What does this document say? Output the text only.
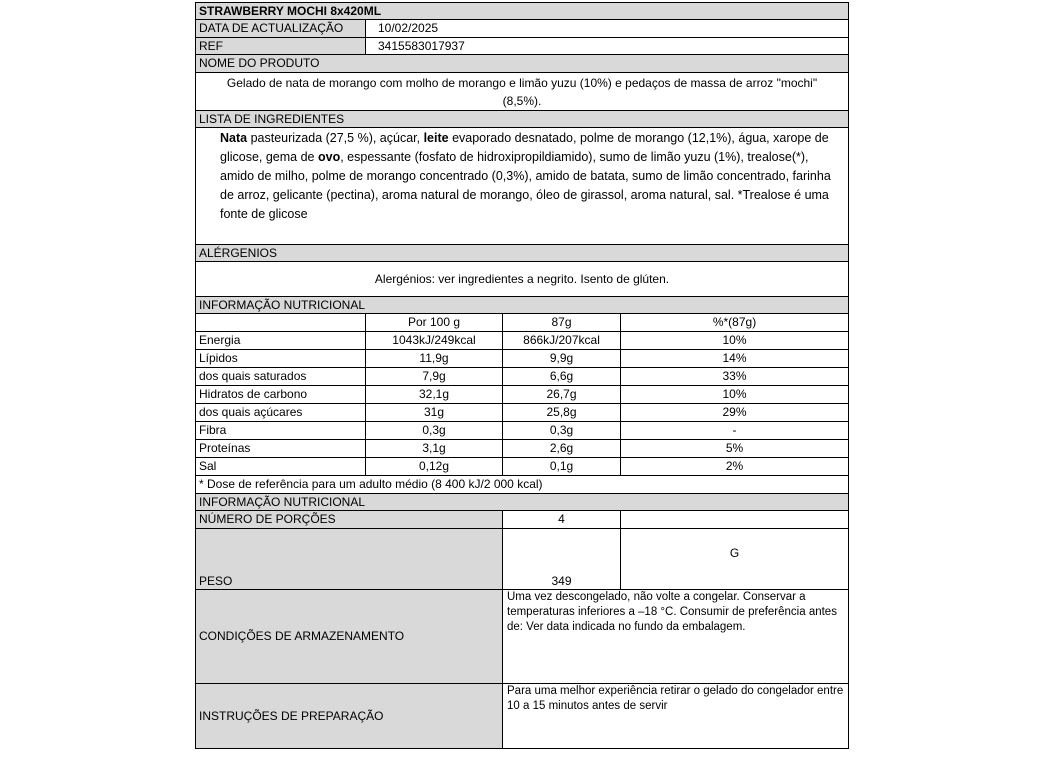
STRAWBERRY MOCHI 8x420ML			
DATA DE ACTUALIZAÇÃO	10/02/2025		
REF	3415583017937		
NOME DO PRODUTO			
Gelado de nata de morango com molho de morango e limão yuzu (10%) e pedaços de massa de arroz "mochi"(8,5%).			
LISTA DE INGREDIENTES			
Nata pasteurizada (27,5 %), açúcar, leite evaporado desnatado, polme de morango (12,1%), água, xarope de glicose, gema de ovo, espessante (fosfato de hidroxipropildiamido), sumo de limão yuzu (1%), trealose(*), amido de milho, polme de morango concentrado (0,3%), amido de batata, sumo de limão concentrado, farinha de arroz, gelicante (pectina), aroma natural de morango, óleo de girassol, aroma natural, sal. *Trealose é uma fonte de glicose			
ALÉRGENIOS			
Alergénios: ver ingredientes a negrito. Isento de glúten.			
INFORMAÇÃO NUTRICIONAL			
	Por 100 g	87g	%*(87g)
Energia	1043kJ/249kcal	866kJ/207kcal	10%
Lípidos	11,9g	9,9g	14%
dos quais saturados	7,9g	6,6g	33%
Hidratos de carbono	32,1g	26,7g	10%
dos quais açúcares	31g	25,8g	29%
Fibra	0,3g	0,3g	-
Proteínas	3,1g	2,6g	5%
Sal	0,12g	0,1g	2%
* Dose de referência para um adulto médio (8 400 kJ/2 000 kcal)			
INFORMAÇÃO NUTRICIONAL			
NÚMERO DE PORÇÕES		4	
PESO		349	G
CONDIÇÕES DE ARMAZENAMENTO		Uma vez descongelado, não volte a congelar. Conservar a temperaturas inferiores a –18 °C. Consumir de preferência antes de: Ver data indicada no fundo da embalagem.	
INSTRUÇÕES DE PREPARAÇÃO		Para uma melhor experiência retirar o gelado do congelador entre 10 a 15 minutos antes de servir	
